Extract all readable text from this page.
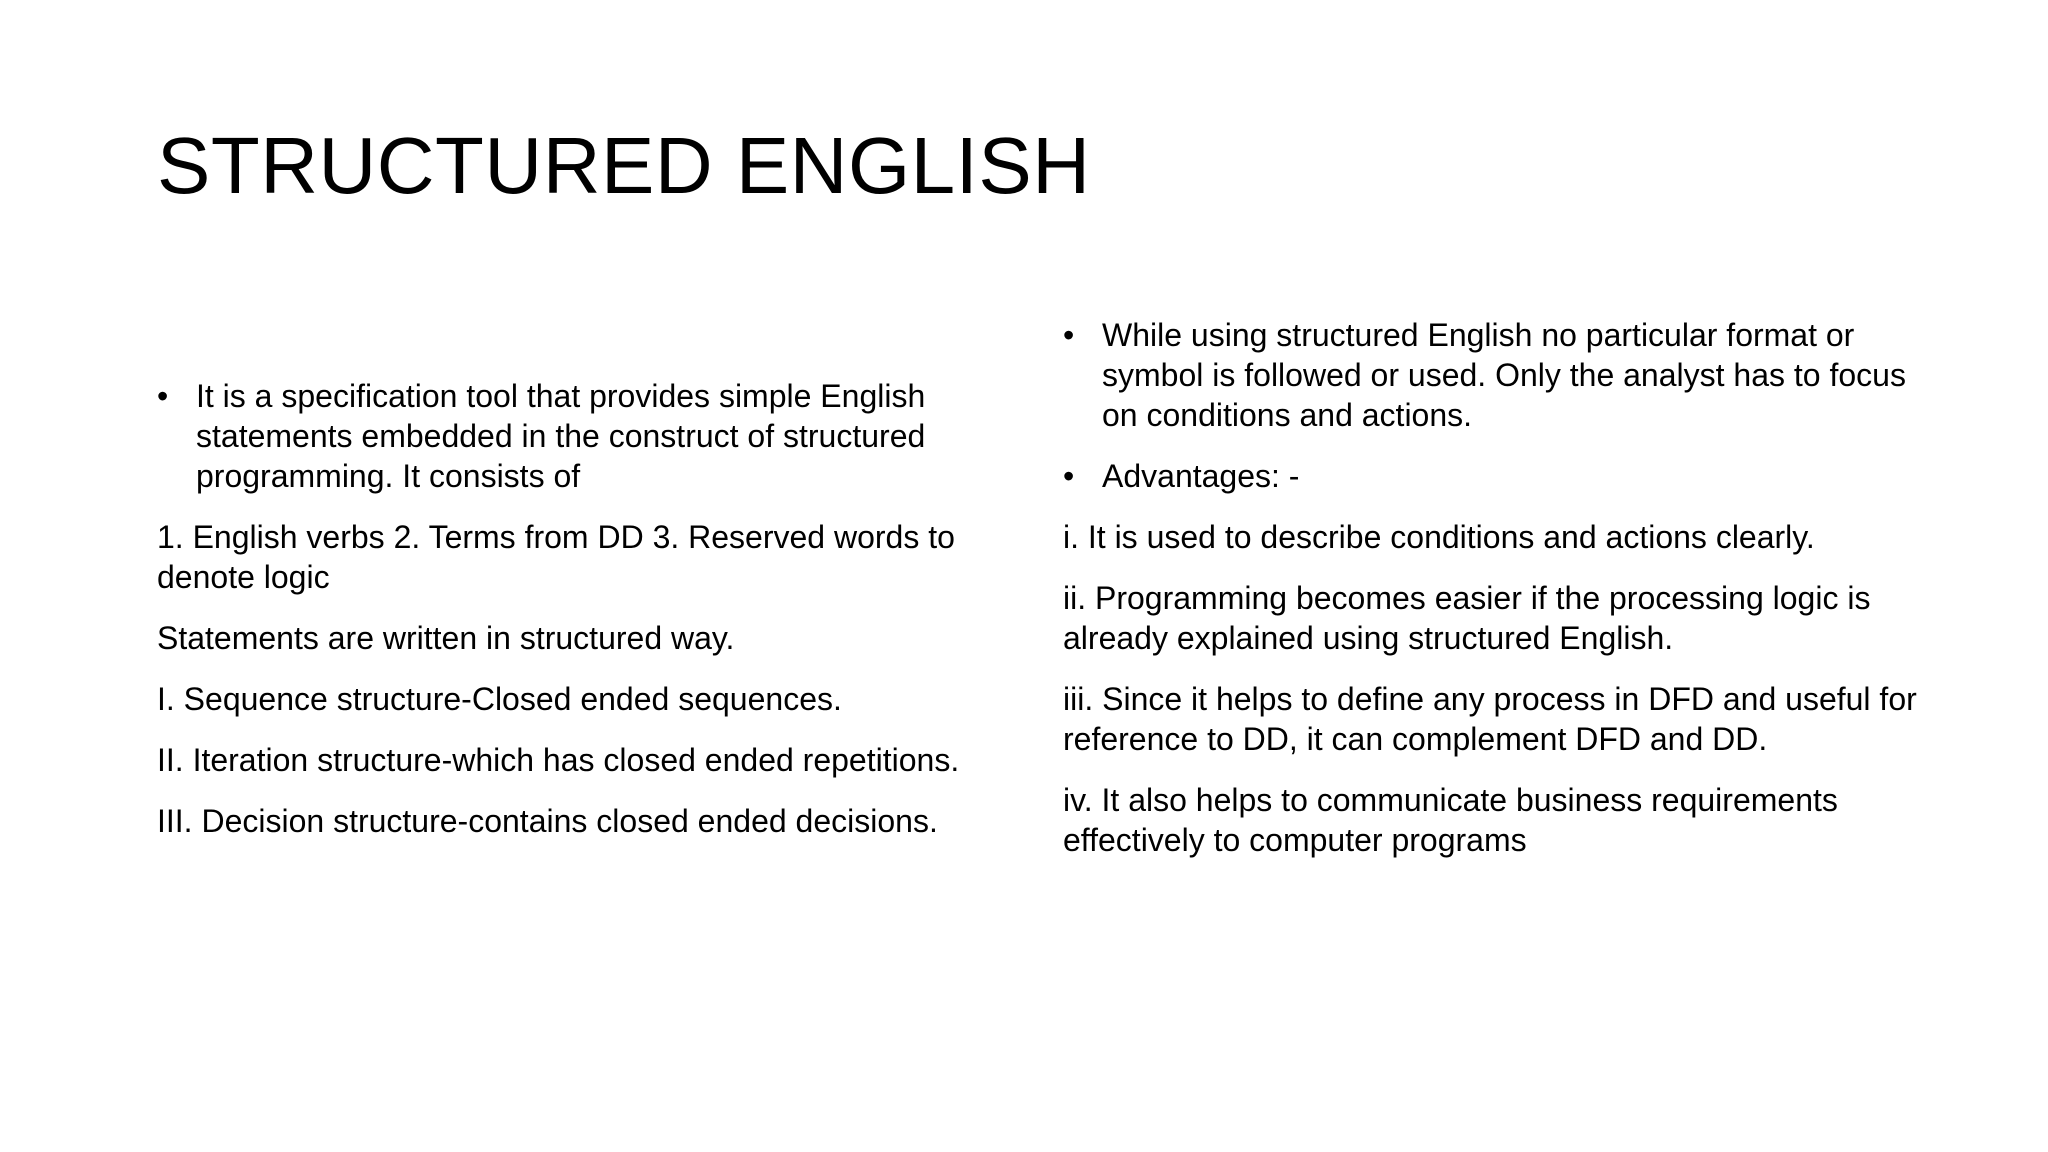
STRUCTURED ENGLISH
• It is a specification tool that provides simple English statements embedded in the construct of structured programming. It consists of

1. English verbs 2. Terms from DD 3. Reserved words to denote logic

Statements are written in structured way.

I. Sequence structure-Closed ended sequences.

II. Iteration structure-which has closed ended repetitions.

III. Decision structure-contains closed ended decisions.

• While using structured English no particular format or symbol is followed or used. Only the analyst has to focus on conditions and actions.
• Advantages: -

i. It is used to describe conditions and actions clearly.

ii. Programming becomes easier if the processing logic is already explained using structured English.

iii. Since it helps to define any process in DFD and useful for reference to DD, it can complement DFD and DD.

iv. It also helps to communicate business requirements effectively to computer programs
